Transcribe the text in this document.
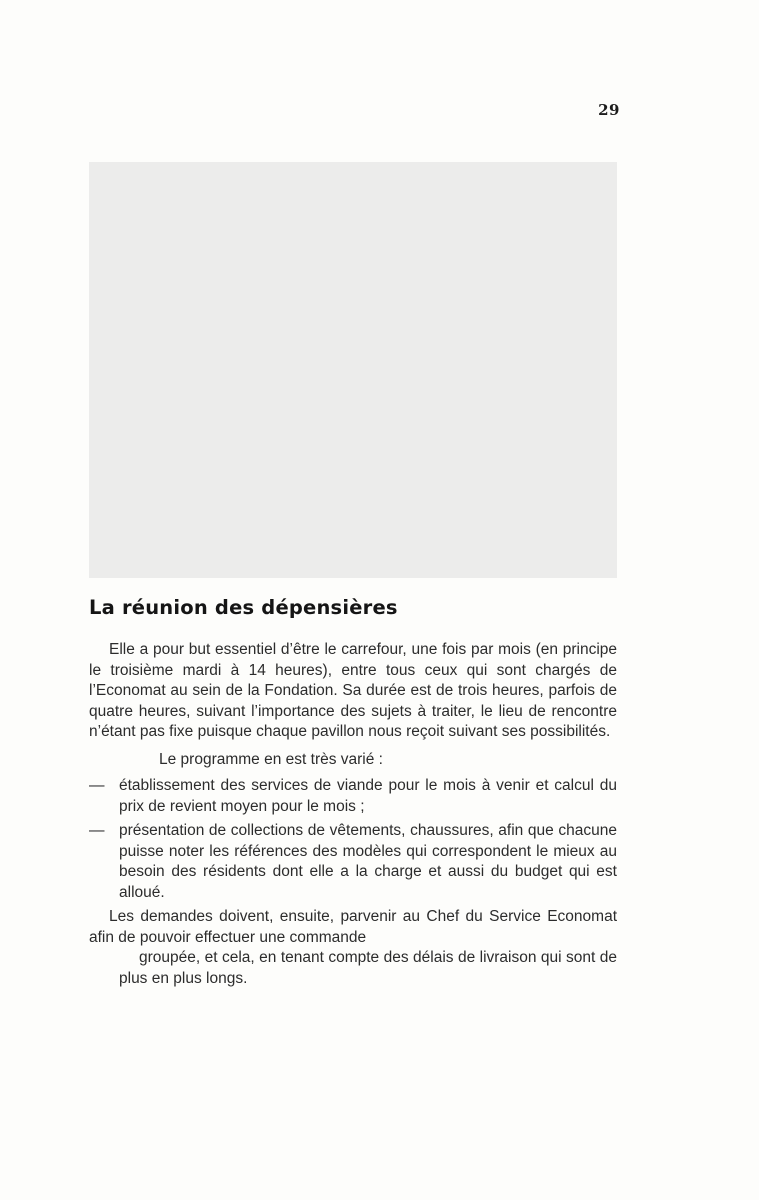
29
La réunion des dépensières

Elle a pour but essentiel d’être le carrefour, une fois par mois (en principe le troisième mardi à 14 heures), entre tous ceux qui sont chargés de l’Economat au sein de la Fondation. Sa durée est de trois heures, parfois de quatre heures, suivant l’importance des sujets à traiter, le lieu de rencontre n’étant pas fixe puisque chaque pavillon nous reçoit suivant ses possibilités.

Le programme en est très varié :

— établissement des services de viande pour le mois à venir et calcul du prix de revient moyen pour le mois ;
— présentation de collections de vêtements, chaussures, afin que chacune puisse noter les références des modèles qui correspondent le mieux au besoin des résidents dont elle a la charge et aussi du budget qui est alloué.

Les demandes doivent, ensuite, parvenir au Chef du Service Economat afin de pouvoir effectuer une commande
groupée, et cela, en tenant compte des délais de livraison qui sont de plus en plus longs.
